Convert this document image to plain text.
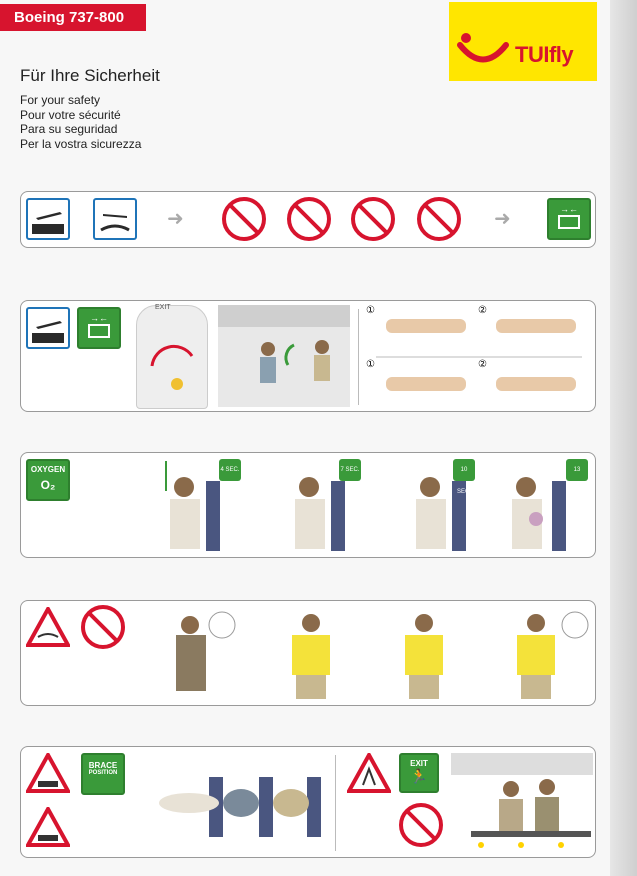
Boeing 737-800
TUIfly
Für Ihre Sicherheit
For your safety
Pour votre sécurité
Para su seguridad
Per la vostra sicurezza
➜	➜	→←
→←
EXIT	①	②
①	②
OXYGEN
O₂
4 SEC.	7 SEC.	10 SEC.
13 SEC.
BRACE
POSITION
EXIT
🏃
